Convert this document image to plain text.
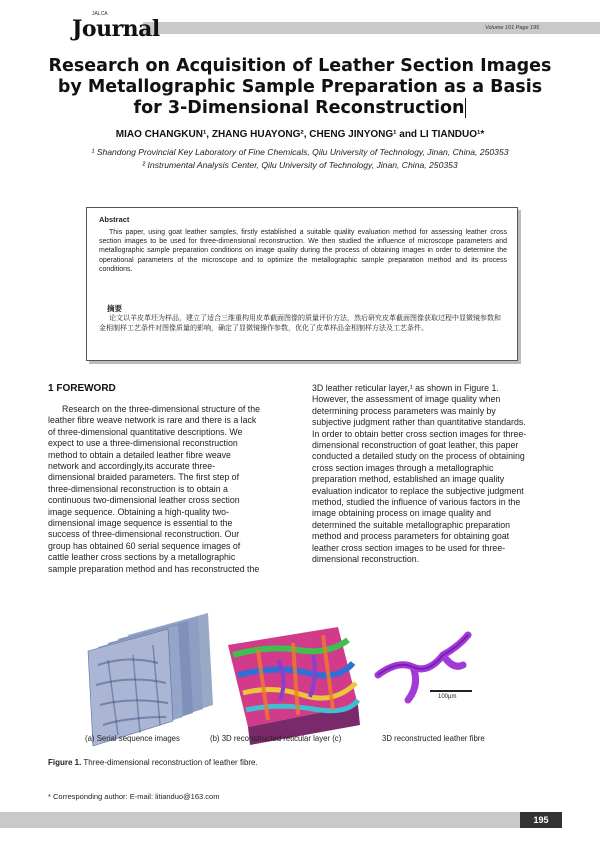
JALCA
Journal	Volume 101 Page 195
Research on Acquisition of Leather Section Images
by Metallographic Sample Preparation as a Basis
for 3-Dimensional Reconstruction
MIAO CHANGKUN¹, ZHANG HUAYONG², CHENG JINYONG¹ and LI TIANDUO¹*
¹ Shandong Provincial Key Laboratory of Fine Chemicals, Qilu University of Technology, Jinan, China, 250353
² Instrumental Analysis Center, Qilu University of Technology, Jinan, China, 250353
Abstract
This paper, using goat leather samples, firstly established a suitable quality evaluation method for assessing leather cross section images to be used for three-dimensional reconstruction. We then studied the influence of microscope parameters and metallographic sample preparation conditions on image quality during the process of obtaining images in order to determine the operational parameters of the microscope and to optimize the metallographic sample preparation method and its process conditions.
摘要
论文以羊皮革坯为样品，建立了适合三维重构用皮革截面图像的质量评价方法，然后研究皮革截面图像获取过程中显微镜参数和金相制样工艺条件对图像质量的影响，确定了显微镜操作参数，优化了皮革样品金相制样方法及工艺条件。
1 FOREWORD
Research on the three-dimensional structure of the
leather fibre weave network is rare and there is a lack
of three-dimensional quantitative descriptions. We
expect to use a three-dimensional reconstruction
method to obtain a detailed leather fibre weave
network and accordingly,its accurate three-
dimensional braided parameters. The first step of
three-dimensional reconstruction is to obtain a
continuous two-dimensional leather cross section
image sequence. Obtaining a high-quality two-
dimensional image sequence is essential to the
success of three-dimensional reconstruction. Our
group has obtained 60 serial sequence images of
cattle leather cross sections by a metallographic
sample preparation method and has reconstructed the
3D leather reticular layer,¹ as shown in Figure 1.
However, the assessment of image quality when
determining process parameters was mainly by
subjective judgment rather than quantitative standards.
In order to obtain better cross section images for three-
dimensional reconstruction of goat leather, this paper
conducted a detailed study on the process of obtaining
cross section images through a metallographic
preparation method, established an image quality
evaluation indicator to replace the subjective judgment
method, studied the influence of various factors in the
image obtaining process on image quality and
determined the suitable metallographic preparation
method and process parameters for obtaining goat
leather cross section images to be used for three-
dimensional reconstruction.
100μm
(a) Serial sequence images	(b) 3D reconstructed reticular layer (c)	3D reconstructed leather fibre
Figure 1. Three-dimensional reconstruction of leather fibre.
* Corresponding author: E-mail: litianduo@163.com
195
